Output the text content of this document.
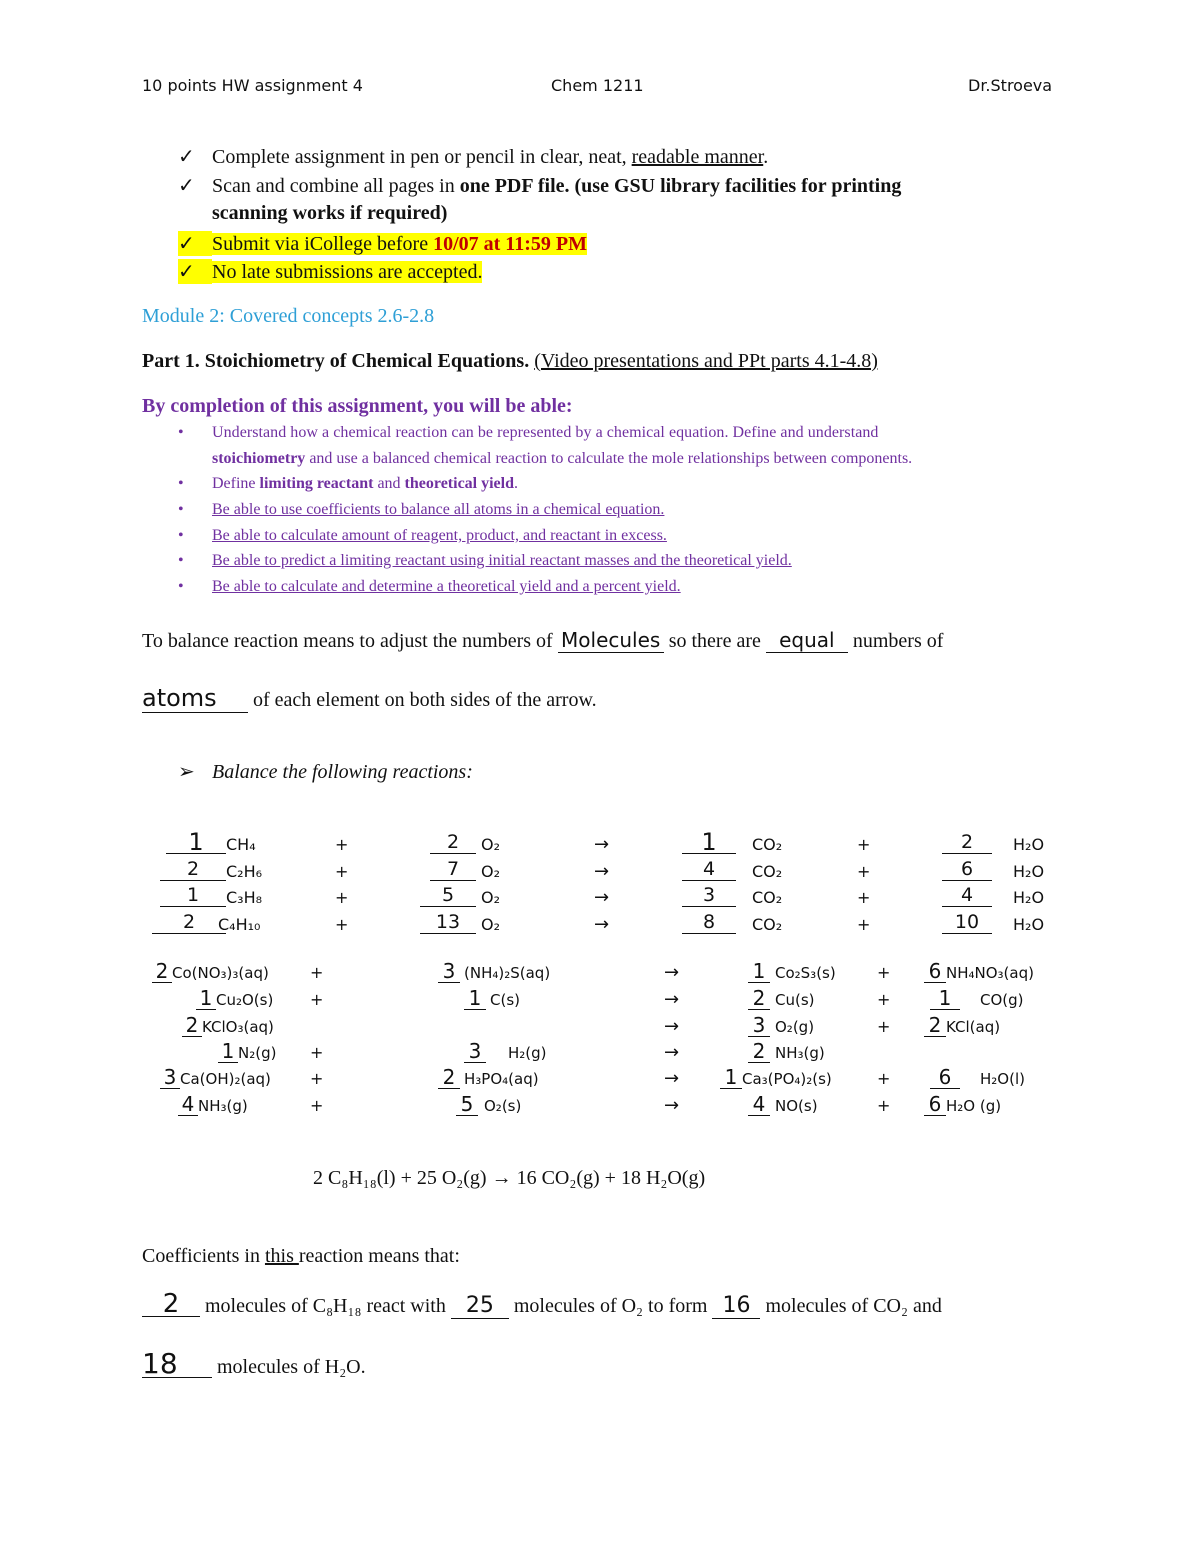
10 points HW assignment 4	Chem 1211	Dr.Stroeva
✓ Complete assignment in pen or pencil in clear, neat, readable manner.
✓ Scan and combine all pages in one PDF file. (use GSU library facilities for printing
scanning works if required)
✓ Submit via iCollege before 10/07 at 11:59 PM
✓ No late submissions are accepted.
Module 2: Covered concepts 2.6-2.8
Part 1. Stoichiometry of Chemical Equations. (Video presentations and PPt parts 4.1-4.8)
By completion of this assignment, you will be able:
• Understand how a chemical reaction can be represented by a chemical equation. Define and understand
stoichiometry and use a balanced chemical reaction to calculate the mole relationships between components.
• Define limiting reactant and theoretical yield.
• Be able to use coefficients to balance all atoms in a chemical equation.
• Be able to calculate amount of reagent, product, and reactant in excess.
• Be able to predict a limiting reactant using initial reactant masses and the theoretical yield.
• Be able to calculate and determine a theoretical yield and a percent yield.
To balance reaction means to adjust the numbers of Molecules so there are equal numbers of
atoms of each element on both sides of the arrow.
➢ Balance the following reactions:
1	CH₄	+	2	O₂	→	1	CO₂	+	2	H₂O
2	C₂H₆	+	7	O₂	→	4	CO₂	+	6	H₂O
1	C₃H₈	+	5	O₂	→	3	CO₂	+	4	H₂O
2	C₄H₁₀	+	13	O₂	→	8	CO₂	+	10	H₂O
2 Co(NO₃)₃(aq)	+	3 (NH₄)₂S(aq)	→	1 Co₂S₃(s)	+ 6 NH₄NO₃(aq)
1 Cu₂O(s) +	1 C(s)	→	2 Cu(s)	+	1	CO(g)
2 KClO₃(aq)	→	3 O₂(g)	+ 2 KCl(aq)
1 N₂(g) +	3	H₂(g)	→	2 NH₃(g)
3 Ca(OH)₂(aq) +	2 H₃PO₄(aq)	→ 1 Ca₃(PO₄)₂(s)	+	6	H₂O(l)
4 NH₃(g)	+	5 O₂(s)	→	4 NO(s)	+ 6 H₂O (g)
2 C₈H₁₈(l) + 25 O₂(g) → 16 CO₂(g) + 18 H₂O(g)
Coefficients in this reaction means that:
2 molecules of C₈H₁₈ react with 25 molecules of O₂ to form 16 molecules of CO₂ and
18 molecules of H₂O.
